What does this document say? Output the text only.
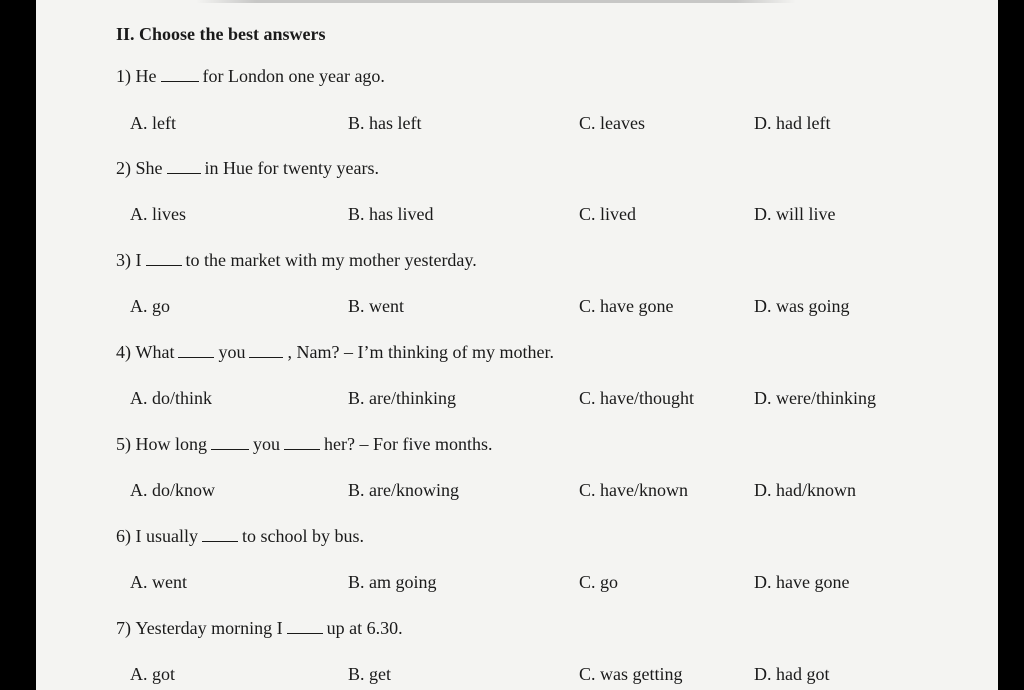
II. Choose the best answers
1) He	for London one year ago.
A. left	B. has left	C. leaves	D. had left
2) She in Hue for twenty years.
A. lives	B. has lived	C. lived	D. will live
3) I to the market with my mother yesterday.
A. go	B. went	C. have gone	D. was going
4) What you , Nam? – I’m thinking of my mother.
A. do/think	B. are/thinking	C. have/thought	D. were/thinking
5) How long	you her? – For five months.
A. do/know	B. are/knowing	C. have/known	D. had/known
6) I usually to school by bus.
A. went	B. am going	C. go	D. have gone
7) Yesterday morning I up at 6.30.
A. got	B. get	C. was getting	D. had got
